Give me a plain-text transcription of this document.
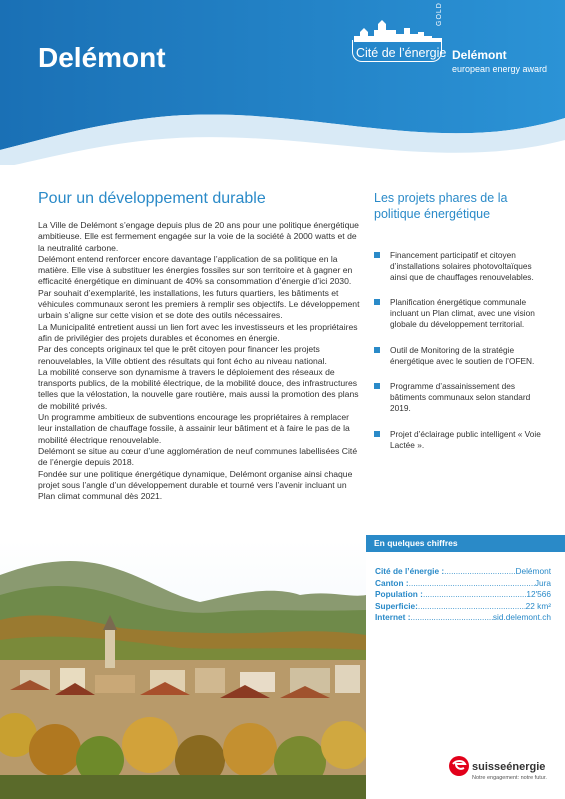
Delémont	Cité de l’énergie
GOLD
Delémont
european energy award
Pour un développement durable

La Ville de Delémont s’engage depuis plus de 20 ans pour une politique énergétique ambitieuse. Elle est fermement engagée sur la voie de la société à 2000 watts et de la neutralité carbone.

Delémont entend renforcer encore davantage l’application de sa politique en la matière. Elle vise à substituer les énergies fossiles sur son territoire et à gagner en efficacité énergétique en diminuant de 40% sa consommation d’énergie d’ici 2030. Par souhait d’exemplarité, les installations, les futurs quartiers, les bâtiments et véhicules communaux seront les premiers à remplir ses objectifs. Le développement urbain s’aligne sur cette vision et se dote des outils nécessaires.

La Municipalité entretient aussi un lien fort avec les investisseurs et les propriétaires afin de privilégier des projets durables et économes en énergie.

Par des concepts originaux tel que le prêt citoyen pour financer les projets renouvelables, la Ville obtient des résultats qui font écho au niveau national.

La mobilité conserve son dynamisme à travers le déploiement des réseaux de transports publics, de la mobilité électrique, de la mobilité douce, des infrastructures telles que la vélostation, la nouvelle gare routière, mais aussi la promotion des plans de mobilité privés.

Un programme ambitieux de subventions encourage les propriétaires à remplacer leur installation de chauffage fossile, à assainir leur bâtiment et à faire le pas de la mobilité électrique renouvelable.

Delémont se situe au cœur d’une agglomération de neuf communes labellisées Cité de l’énergie depuis 2018.

Fondée sur une politique énergétique dynamique, Delémont organise ainsi chaque projet sous l’angle d’un développement durable et tourné vers l’avenir incluant un Plan climat communal dès 2021.

Les projets phares de la politique énergétique
Financement participatif et citoyen d’installations solaires photovoltaïques ainsi que de chauffages renouvelables.
Planification énergétique communale incluant un Plan climat, avec une vision globale du développement territorial.
Outil de Monitoring de la stratégie énergétique avec le soutien de l’OFEN.
Programme d’assainissement des bâtiments communaux selon standard 2019.
Projet d’éclairage public intelligent « Voie Lactée ».
En quelques chiffres
Cité de l’énergie : .....	Delémont
Canton : .....	Jura
Population : .....	12'566
Superficie: .....	22 km²
Internet : .....	sid.delemont.ch
suisseénergie
Notre engagement: notre futur.
